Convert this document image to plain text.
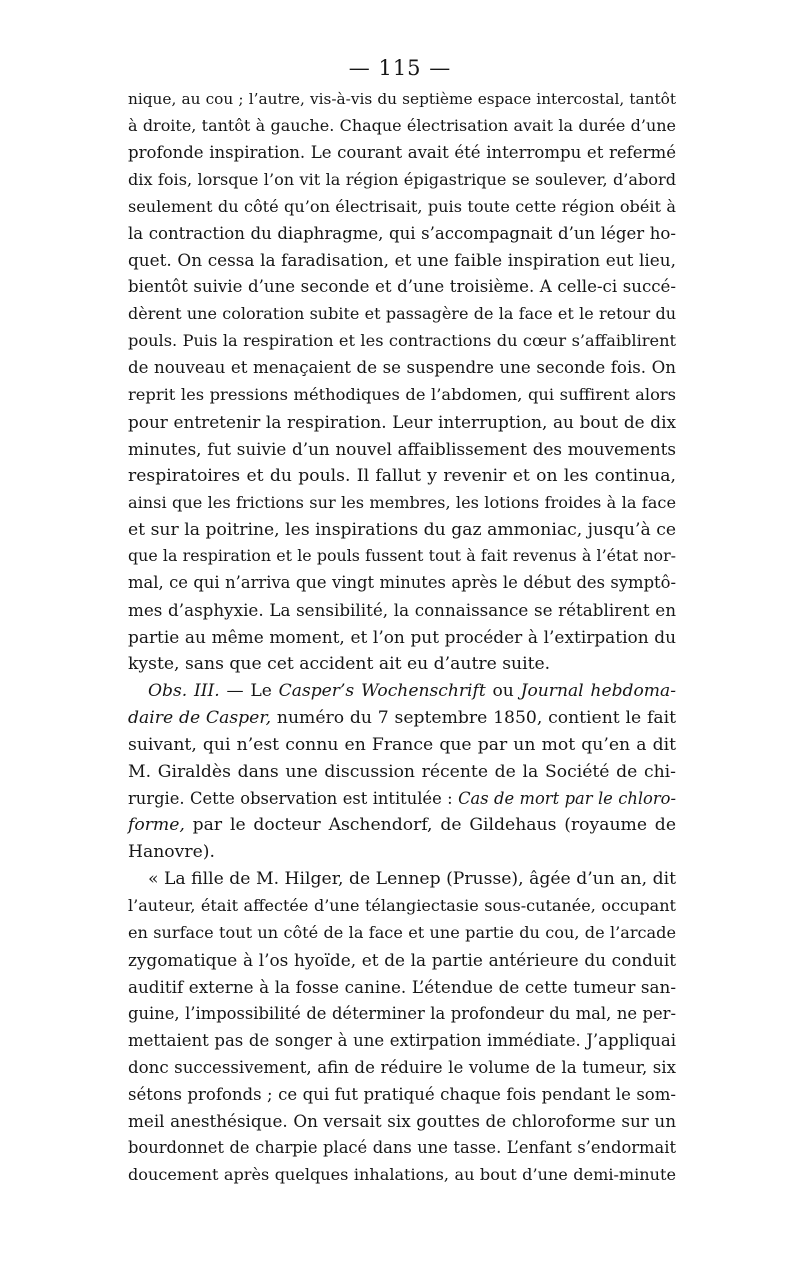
— 115 —
nique, au cou ; l’autre, vis-à-vis du septième espace intercostal, tantôt
à droite, tantôt à gauche. Chaque électrisation avait la durée d’une
profonde inspiration. Le courant avait été interrompu et refermé
dix fois, lorsque l’on vit la région épigastrique se soulever, d’abord
seulement du côté qu’on électrisait, puis toute cette région obéit à
la contraction du diaphragme, qui s’accompagnait d’un léger ho-
quet. On cessa la faradisation, et une faible inspiration eut lieu,
bientôt suivie d’une seconde et d’une troisième. A celle-ci succé-
dèrent une coloration subite et passagère de la face et le retour du
pouls. Puis la respiration et les contractions du cœur s’affaiblirent
de nouveau et menaçaient de se suspendre une seconde fois. On
reprit les pressions méthodiques de l’abdomen, qui suffirent alors
pour entretenir la respiration. Leur interruption, au bout de dix
minutes, fut suivie d’un nouvel affaiblissement des mouvements
respiratoires et du pouls. Il fallut y revenir et on les continua,
ainsi que les frictions sur les membres, les lotions froides à la face
et sur la poitrine, les inspirations du gaz ammoniac, jusqu’à ce
que la respiration et le pouls fussent tout à fait revenus à l’état nor-
mal, ce qui n’arriva que vingt minutes après le début des symptô-
mes d’asphyxie. La sensibilité, la connaissance se rétablirent en
partie au même moment, et l’on put procéder à l’extirpation du
kyste, sans que cet accident ait eu d’autre suite.
Obs. III. — Le Casper’s Wochenschrift ou Journal hebdoma-
daire de Casper, numéro du 7 septembre 1850, contient le fait
suivant, qui n’est connu en France que par un mot qu’en a dit
M. Giraldès dans une discussion récente de la Société de chi-
rurgie. Cette observation est intitulée : Cas de mort par le chloro-
forme, par le docteur Aschendorf, de Gildehaus (royaume de
Hanovre).
« La fille de M. Hilger, de Lennep (Prusse), âgée d’un an, dit
l’auteur, était affectée d’une télangiectasie sous-cutanée, occupant
en surface tout un côté de la face et une partie du cou, de l’arcade
zygomatique à l’os hyoïde, et de la partie antérieure du conduit
auditif externe à la fosse canine. L’étendue de cette tumeur san-
guine, l’impossibilité de déterminer la profondeur du mal, ne per-
mettaient pas de songer à une extirpation immédiate. J’appliquai
donc successivement, afin de réduire le volume de la tumeur, six
sétons profonds ; ce qui fut pratiqué chaque fois pendant le som-
meil anesthésique. On versait six gouttes de chloroforme sur un
bourdonnet de charpie placé dans une tasse. L’enfant s’endormait
doucement après quelques inhalations, au bout d’une demi-minute
